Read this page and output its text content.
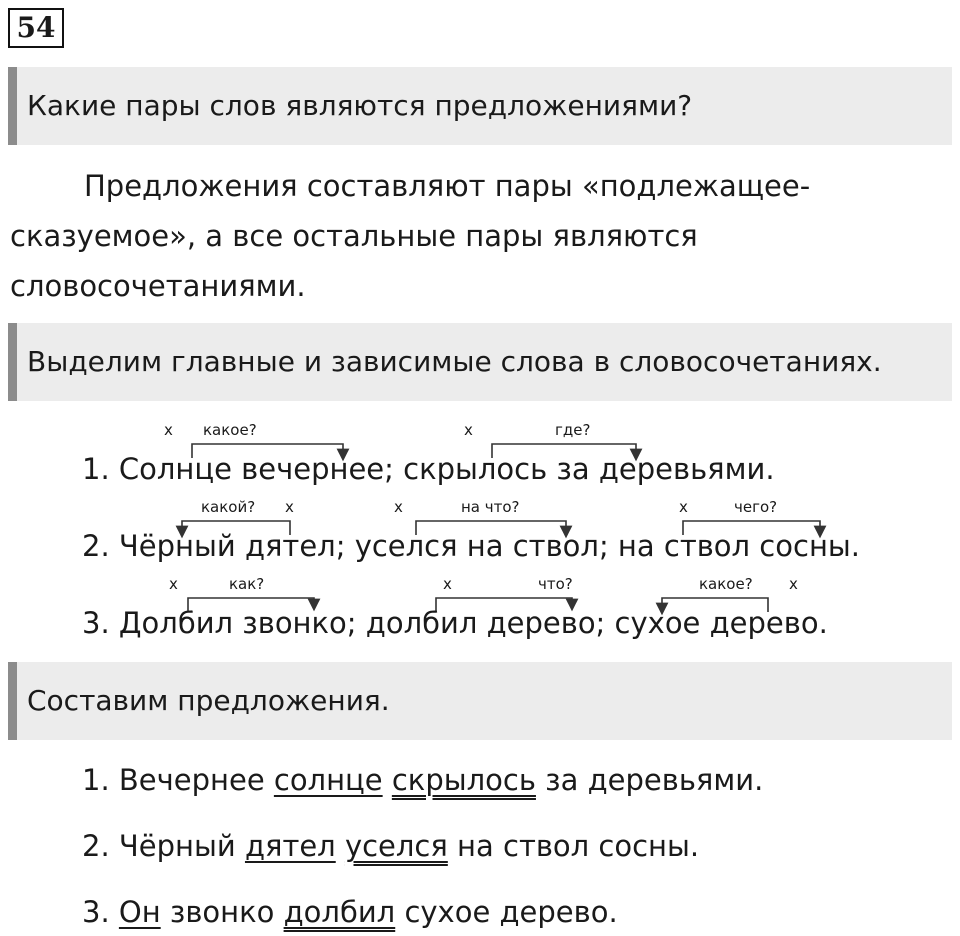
54
Какие пары слов являются предложениями?
Предложения составляют пары «подлежащее-
сказуемое», а все остальные пары являются
словосочетаниями.
Выделим главные и зависимые слова в словосочетаниях.
х какое?	х	где?
1. Солнце вечернее; скрылось за деревьями.
какой? х	х	на что?	х	чего?
2. Чёрный дятел; уселся на ствол; на ствол сосны.
х	как?	х	что?	какое? х
3. Долбил звонко; долбил дерево; сухое дерево.
Составим предложения.
1. Вечернее солнце скрылось за деревьями.
2. Чёрный дятел уселся на ствол сосны.
3. Он звонко долбил сухое дерево.
